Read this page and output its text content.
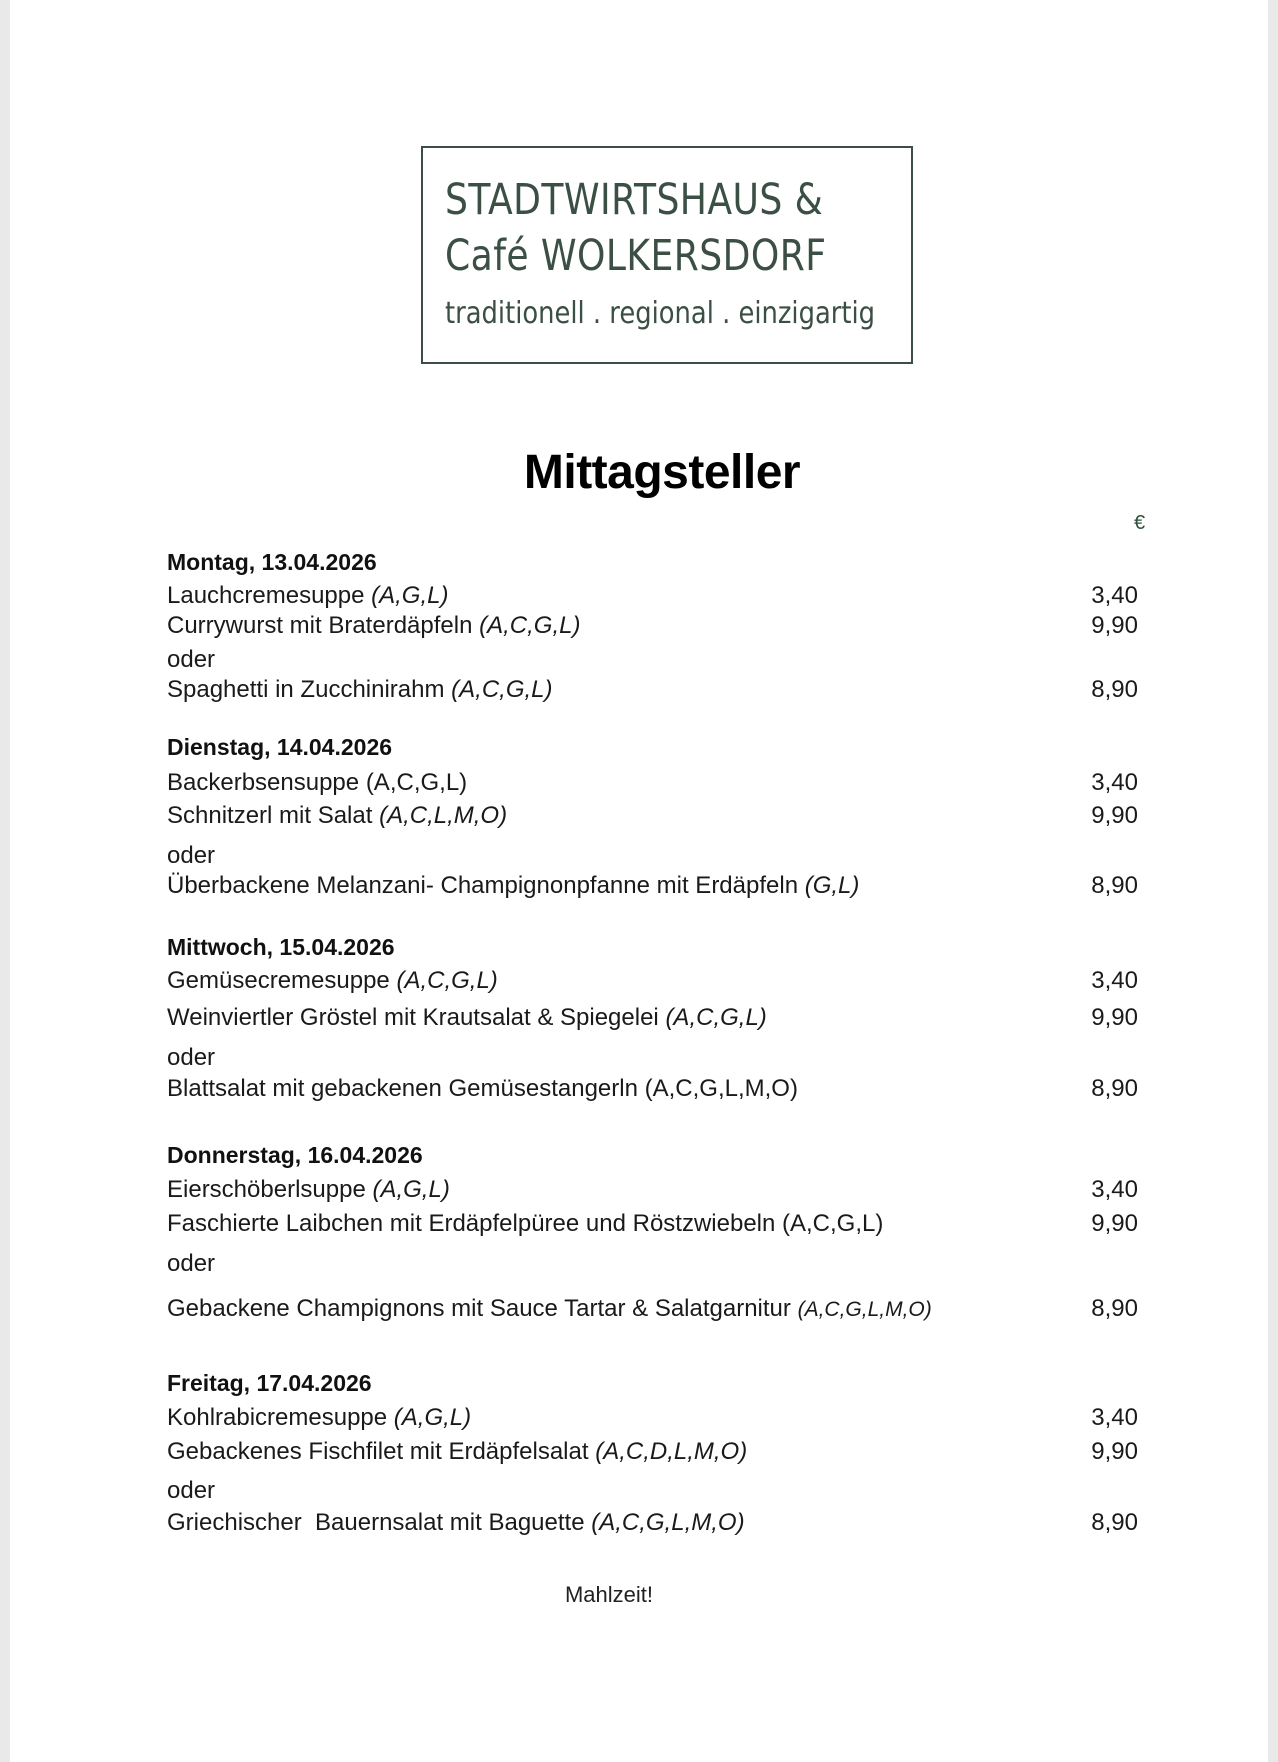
STADTWIRTSHAUS &
Café WOLKERSDORF
traditionell . regional . einzigartig
Mittagsteller
€
Montag, 13.04.2026
Lauchcremesuppe (A,G,L)	3,40
Currywurst mit Braterdäpfeln (A,C,G,L)	9,90
oder
Spaghetti in Zucchinirahm (A,C,G,L)	8,90
Dienstag, 14.04.2026
Backerbsensuppe (A,C,G,L)	3,40
Schnitzerl mit Salat (A,C,L,M,O)	9,90
oder
Überbackene Melanzani- Champignonpfanne mit Erdäpfeln (G,L)	8,90
Mittwoch, 15.04.2026
Gemüsecremesuppe (A,C,G,L)	3,40
Weinviertler Gröstel mit Krautsalat & Spiegelei (A,C,G,L)	9,90
oder
Blattsalat mit gebackenen Gemüsestangerln (A,C,G,L,M,O)	8,90
Donnerstag, 16.04.2026
Eierschöberlsuppe (A,G,L)	3,40
Faschierte Laibchen mit Erdäpfelpüree und Röstzwiebeln (A,C,G,L)	9,90
oder
Gebackene Champignons mit Sauce Tartar & Salatgarnitur (A,C,G,L,M,O)	8,90
Freitag, 17.04.2026
Kohlrabicremesuppe (A,G,L)	3,40
Gebackenes Fischfilet mit Erdäpfelsalat (A,C,D,L,M,O)	9,90
oder
Griechischer  Bauernsalat mit Baguette (A,C,G,L,M,O)	8,90
Mahlzeit!
